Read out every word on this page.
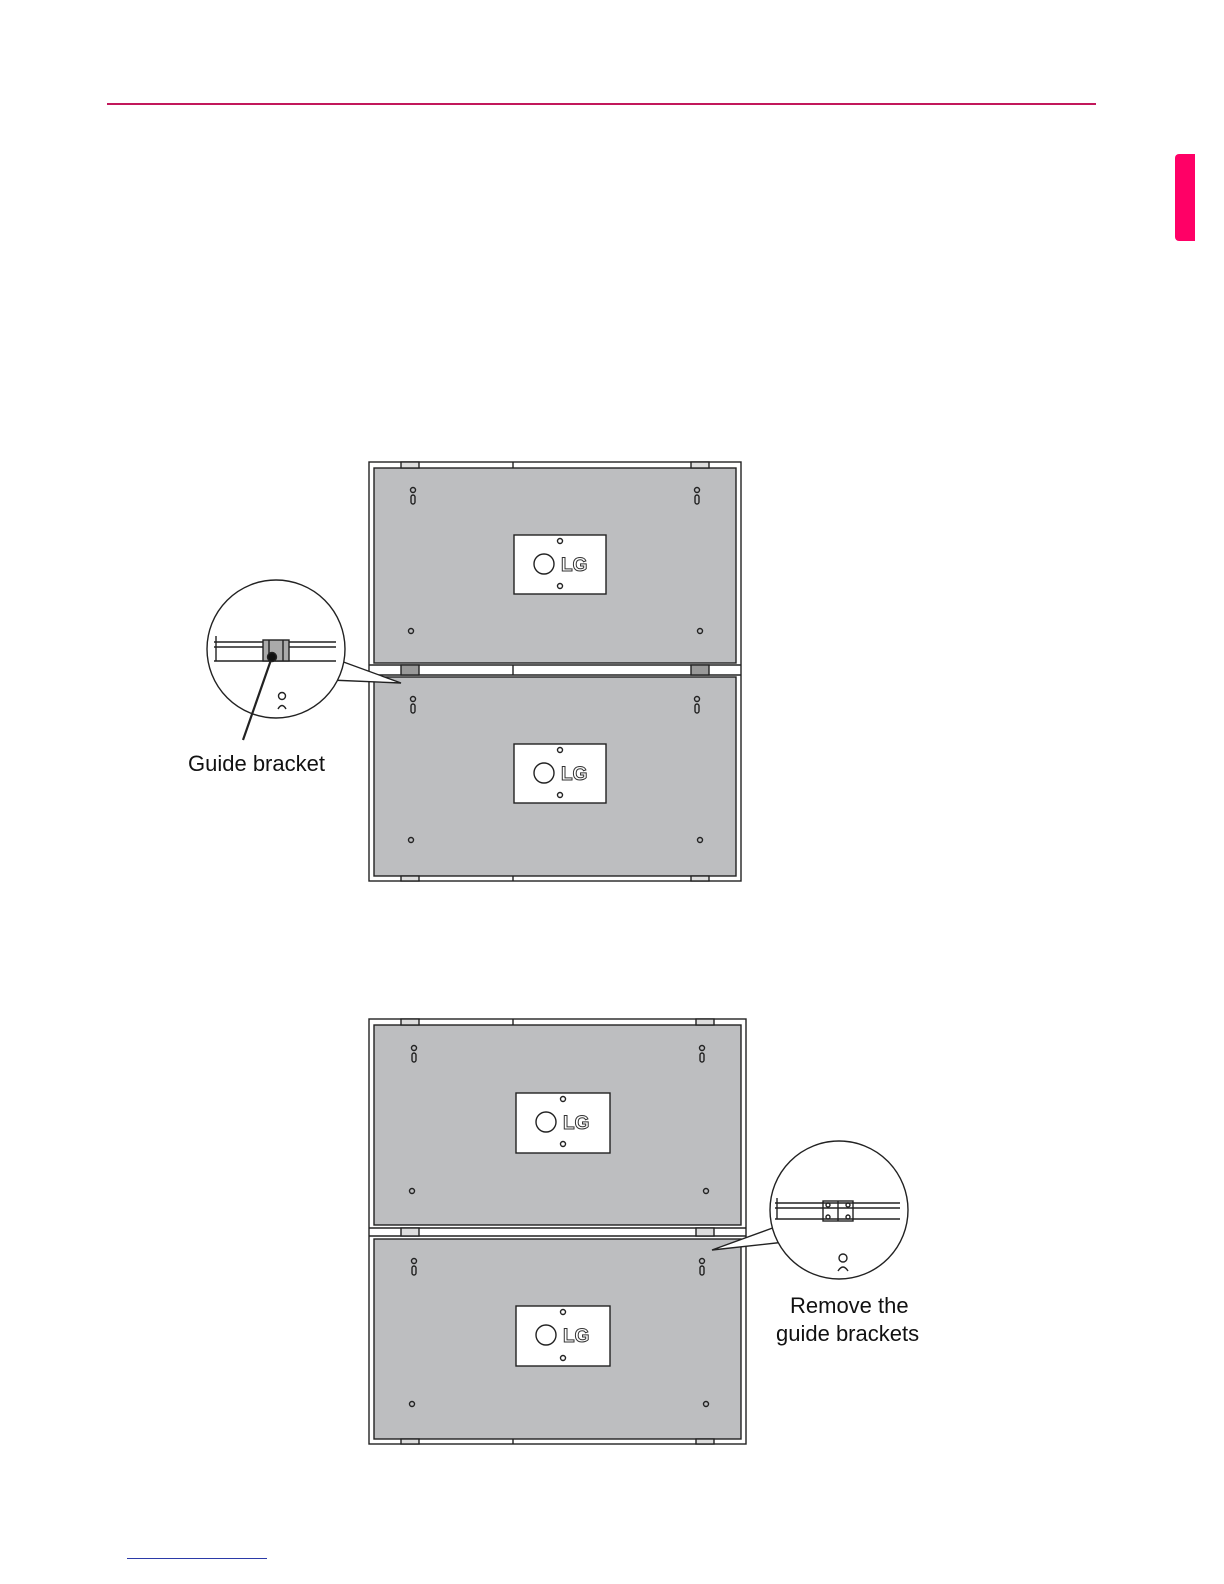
LG
LG
Guide bracket
LG
LG
Remove the
guide brackets
